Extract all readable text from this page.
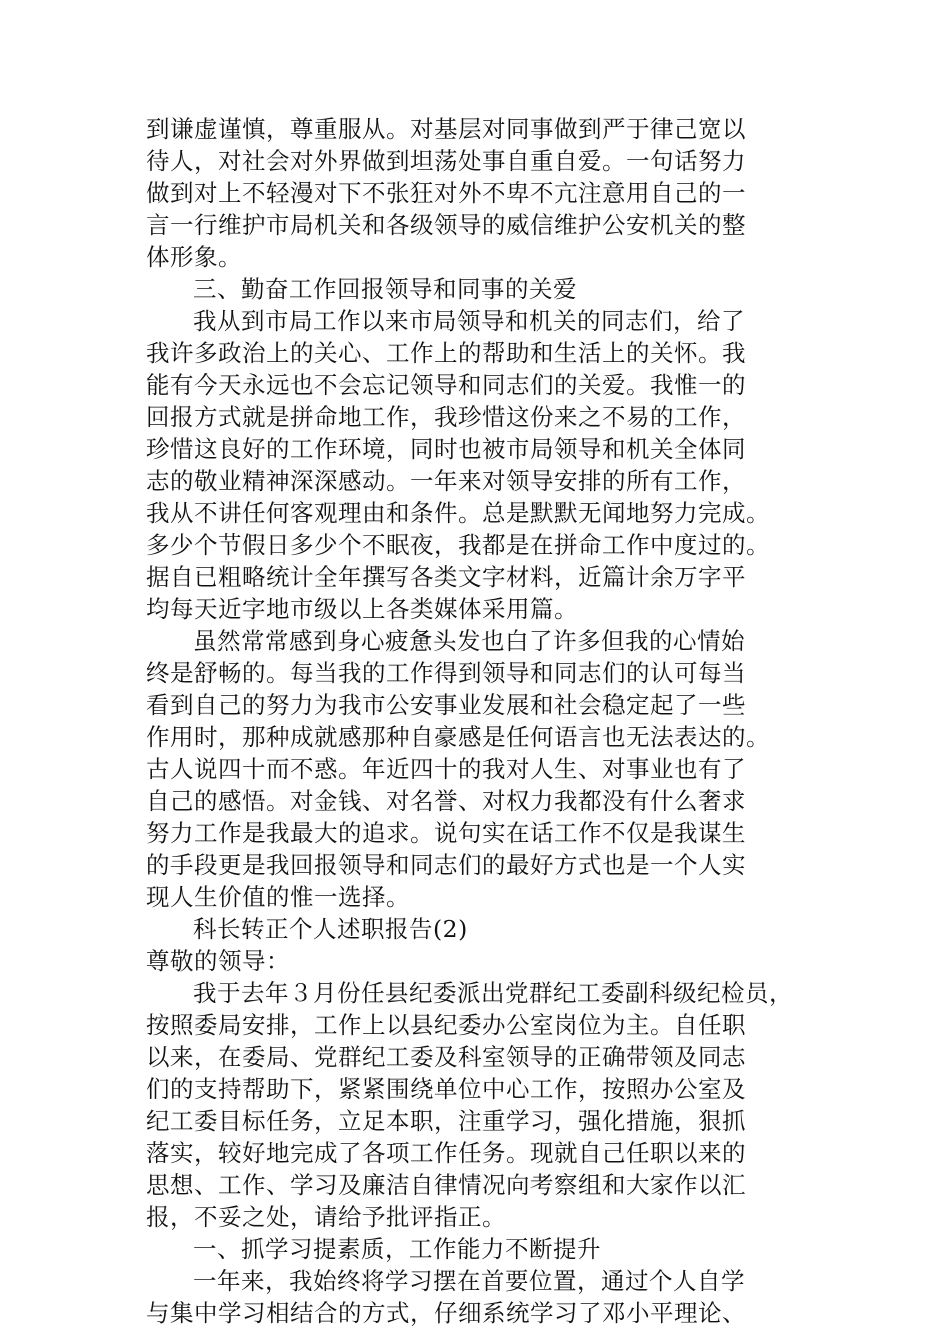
到谦虚谨慎，尊重服从。对基层对同事做到严于律己宽以
待人，对社会对外界做到坦荡处事自重自爱。一句话努力
做到对上不轻漫对下不张狂对外不卑不亢注意用自己的一
言一行维护市局机关和各级领导的威信维护公安机关的整
体形象。
三、勤奋工作回报领导和同事的关爱
我从到市局工作以来市局领导和机关的同志们，给了
我许多政治上的关心、工作上的帮助和生活上的关怀。我
能有今天永远也不会忘记领导和同志们的关爱。我惟一的
回报方式就是拼命地工作，我珍惜这份来之不易的工作，
珍惜这良好的工作环境，同时也被市局领导和机关全体同
志的敬业精神深深感动。一年来对领导安排的所有工作，
我从不讲任何客观理由和条件。总是默默无闻地努力完成。
多少个节假日多少个不眠夜，我都是在拼命工作中度过的。
据自已粗略统计全年撰写各类文字材料，近篇计余万字平
均每天近字地市级以上各类媒体采用篇。
虽然常常感到身心疲惫头发也白了许多但我的心情始
终是舒畅的。每当我的工作得到领导和同志们的认可每当
看到自己的努力为我市公安事业发展和社会稳定起了一些
作用时，那种成就感那种自豪感是任何语言也无法表达的。
古人说四十而不惑。年近四十的我对人生、对事业也有了
自己的感悟。对金钱、对名誉、对权力我都没有什么奢求
努力工作是我最大的追求。说句实在话工作不仅是我谋生
的手段更是我回报领导和同志们的最好方式也是一个人实
现人生价值的惟一选择。
科长转正个人述职报告(2)
尊敬的领导：
我于去年３月份任县纪委派出党群纪工委副科级纪检员，
按照委局安排，工作上以县纪委办公室岗位为主。自任职
以来，在委局、党群纪工委及科室领导的正确带领及同志
们的支持帮助下，紧紧围绕单位中心工作，按照办公室及
纪工委目标任务，立足本职，注重学习，强化措施，狠抓
落实，较好地完成了各项工作任务。现就自己任职以来的
思想、工作、学习及廉洁自律情况向考察组和大家作以汇
报，不妥之处，请给予批评指正。
一、抓学习提素质，工作能力不断提升
一年来，我始终将学习摆在首要位置，通过个人自学
与集中学习相结合的方式，仔细系统学习了邓小平理论、
